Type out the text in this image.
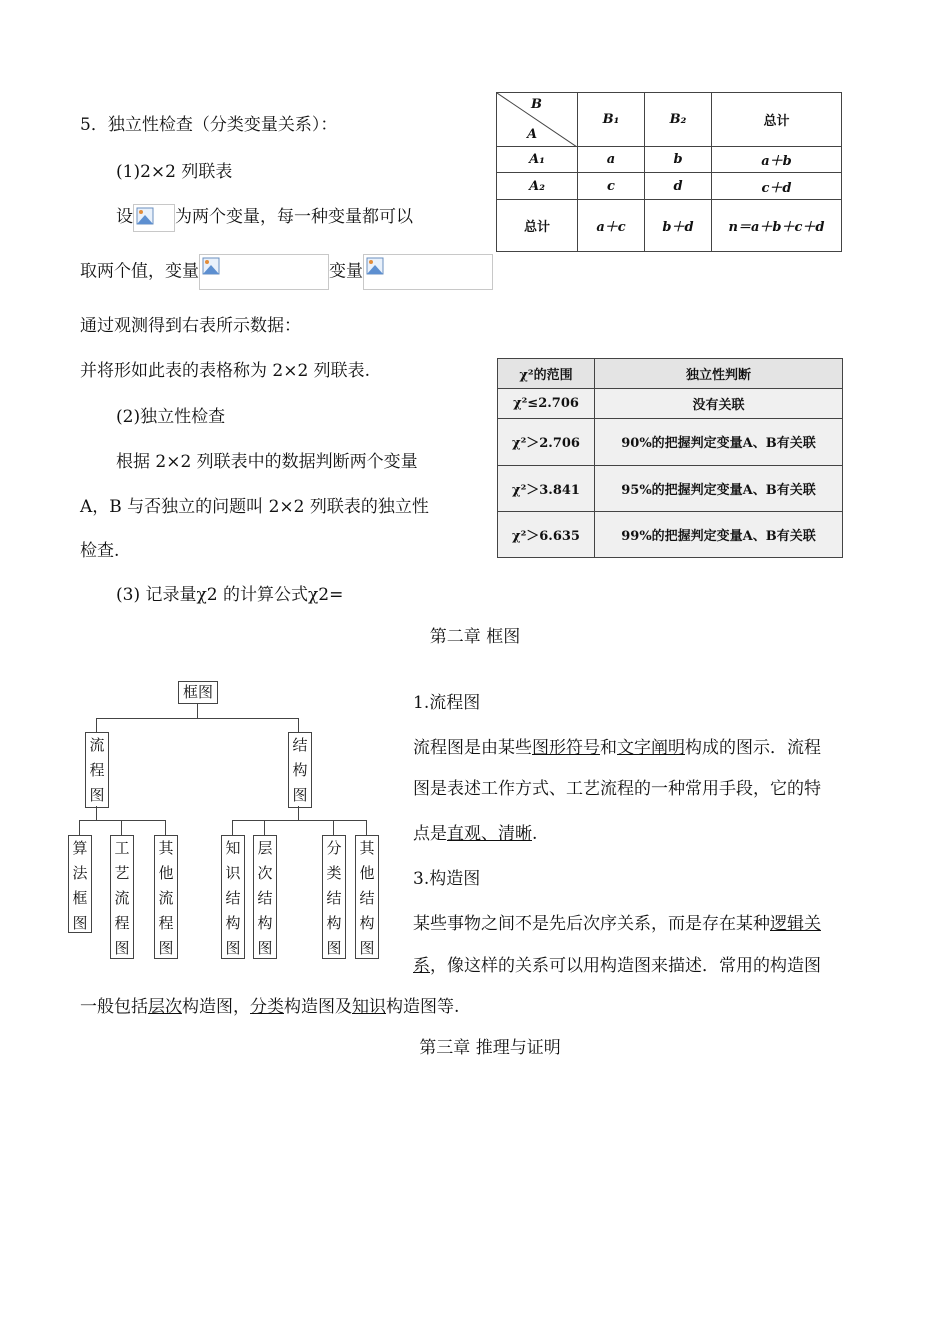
5．独立性检查（分类变量关系）：
(1)2×2 列联表
设 为两个变量，每一种变量都可以
取两个值，变量	变量
通过观测得到右表所示数据：
并将形如此表的表格称为 2×2 列联表.
(2)独立性检查
根据 2×2 列联表中的数据判断两个变量
A，B 与否独立的问题叫 2×2 列联表的独立性
检查.
(3) 记录量χ2 的计算公式χ2=
B
A	B₁	B₂	总计
A₁	a	b	a＋b
A₂	c	d	c＋d
总计	a＋c	b＋d	n＝a＋b＋c＋d
χ²的范围	独立性判断
χ²≤2.706	没有关联
χ²＞2.706	90%的把握判定变量A、B有关联
χ²＞3.841	95%的把握判定变量A、B有关联
χ²＞6.635	99%的把握判定变量A、B有关联
第二章 框图
框图
流
程
图
结
构
图
算
法
框
图
工
艺
流
程
图
其
他
流
程
图
知
识
结
构
图
层
次
结
构
图
分
类
结
构
图
其
他
结
构
图
1.流程图
流程图是由某些图形符号和文字阐明构成的图示．流程
图是表述工作方式、工艺流程的一种常用手段，它的特
点是直观、清晰.
3.构造图
某些事物之间不是先后次序关系，而是存在某种逻辑关
系，像这样的关系可以用构造图来描述．常用的构造图
一般包括层次构造图，分类构造图及知识构造图等.
第三章 推理与证明
